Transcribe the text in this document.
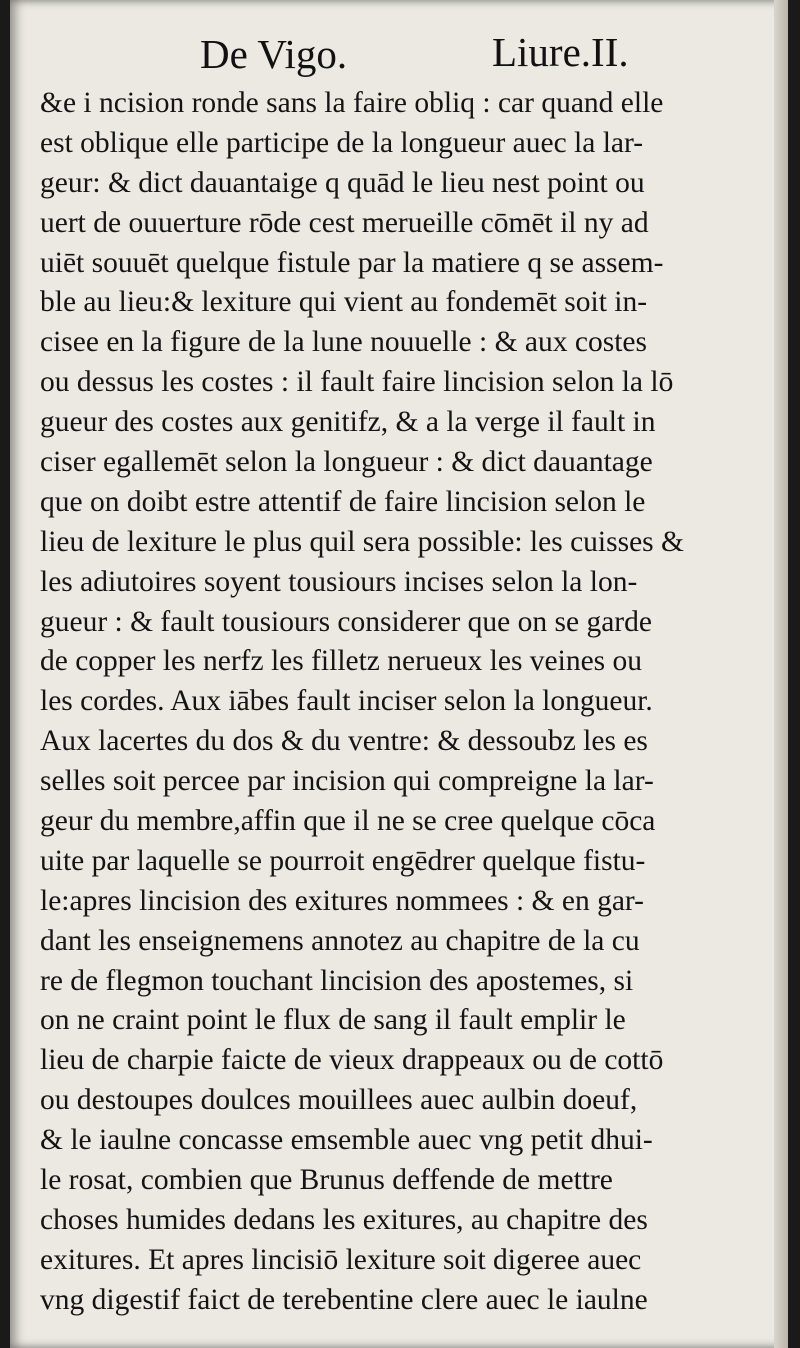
De Vigo.	Liure.II.
&e i ncision ronde sans la faire obliq : car quand elle
est oblique elle participe de la longueur auec la lar-
geur: & dict dauantaige q quād le lieu nest point ou
uert de ouuerture rōde cest merueille cōmēt il ny ad
uiēt souuēt quelque fistule par la matiere q se assem-
ble au lieu:& lexiture qui vient au fondemēt soit in-
cisee en la figure de la lune nouuelle : & aux costes
ou dessus les costes : il fault faire lincision selon la lō
gueur des costes aux genitifz, & a la verge il fault in
ciser egallemēt selon la longueur : & dict dauantage
que on doibt estre attentif de faire lincision selon le
lieu de lexiture le plus quil sera possible: les cuisses &
les adiutoires soyent tousiours incises selon la lon-
gueur : & fault tousiours considerer que on se garde
de copper les nerfz les filletz nerueux les veines ou
les cordes. Aux iābes fault inciser selon la longueur.
Aux lacertes du dos & du ventre: & dessoubz les es
selles soit percee par incision qui compreigne la lar-
geur du membre,affin que il ne se cree quelque cōca
uite par laquelle se pourroit engēdrer quelque fistu-
le:apres lincision des exitures nommees : & en gar-
dant les enseignemens annotez au chapitre de la cu
re de flegmon touchant lincision des apostemes, si
on ne craint point le flux de sang il fault emplir le
lieu de charpie faicte de vieux drappeaux ou de cottō
ou destoupes doulces mouillees auec aulbin doeuf,
& le iaulne concasse emsemble auec vng petit dhui-
le rosat, combien que Brunus deffende de mettre
choses humides dedans les exitures, au chapitre des
exitures. Et apres lincisiō lexiture soit digeree auec
vng digestif faict de terebentine clere auec le iaulne
